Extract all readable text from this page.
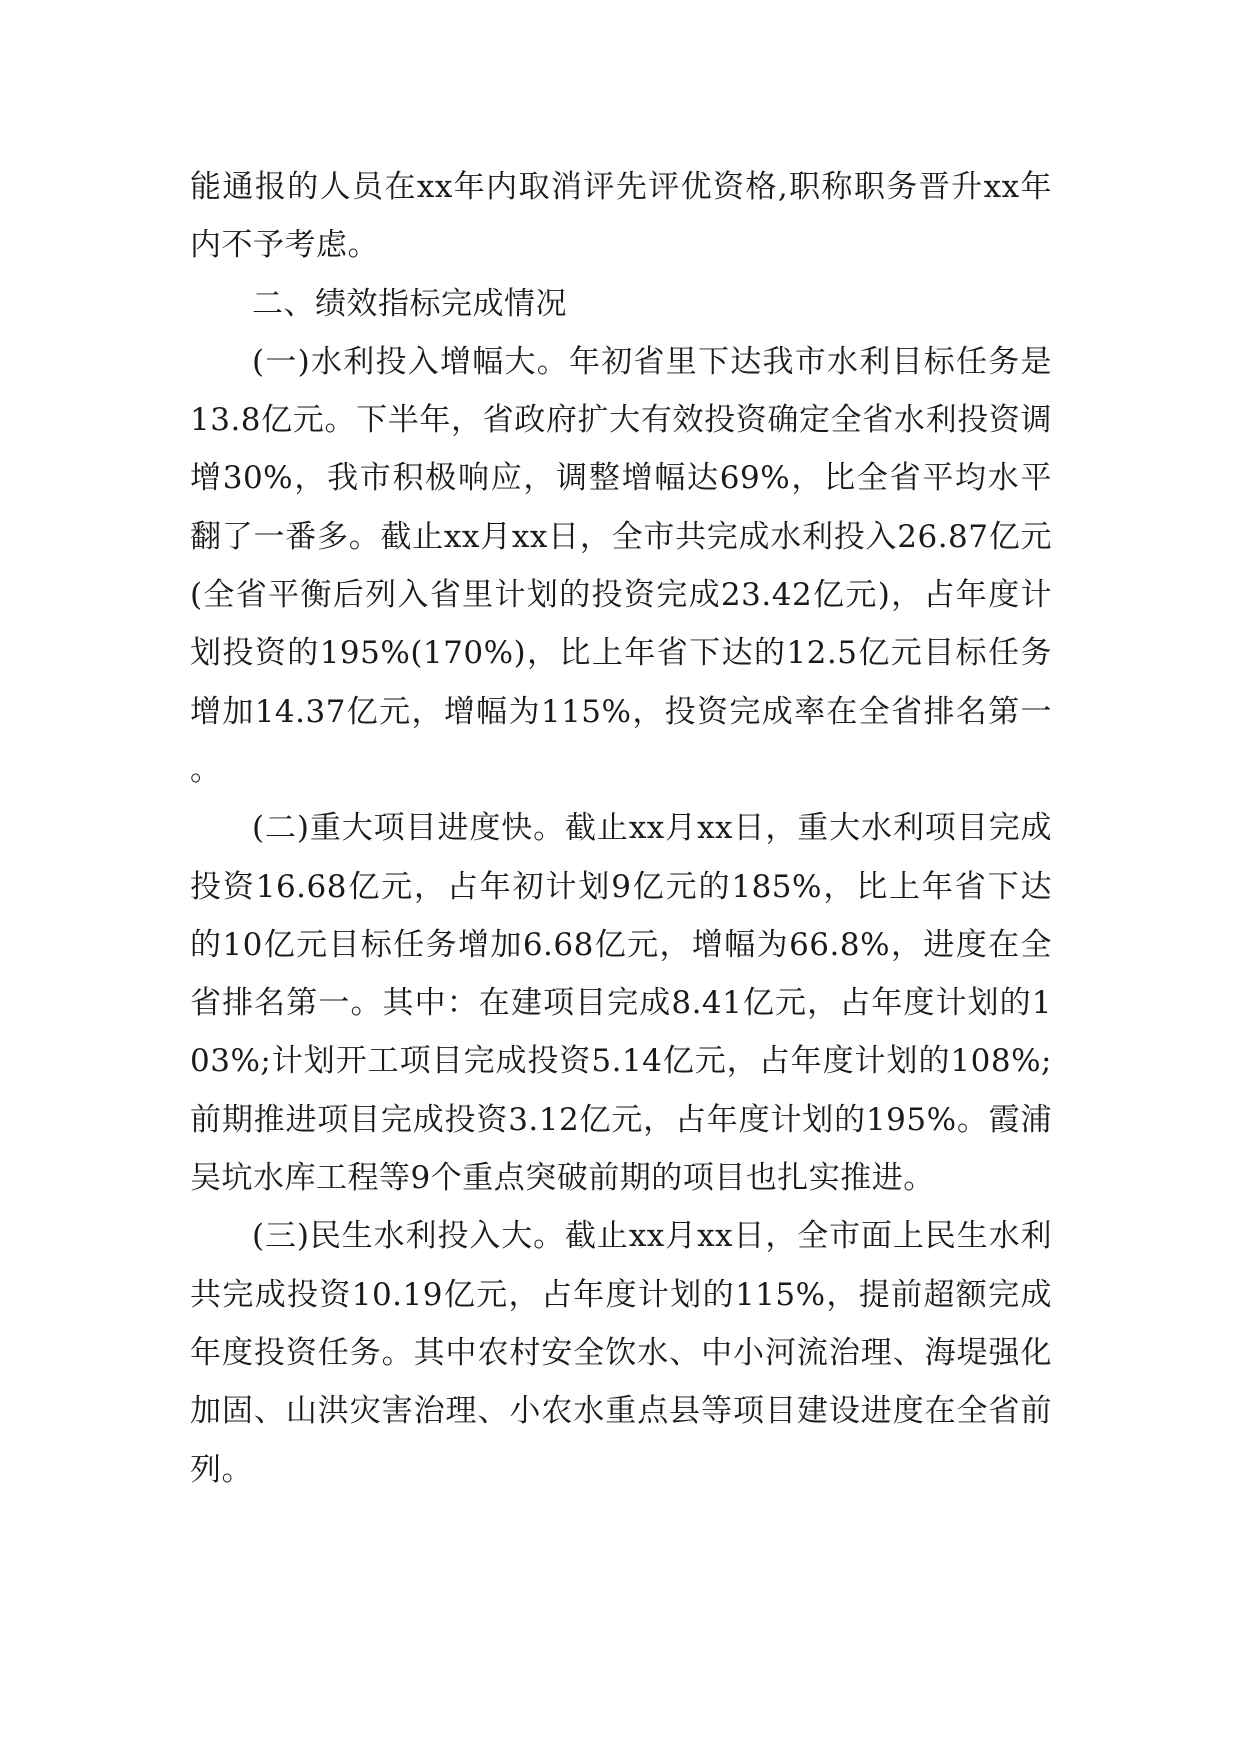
能通报的人员在xx年内取消评先评优资格,职称职务晋升xx年内不予考虑。

二、绩效指标完成情况

(一)水利投入增幅大。年初省里下达我市水利目标任务是13.8亿元。下半年，省政府扩大有效投资确定全省水利投资调增30%，我市积极响应，调整增幅达69%，比全省平均水平翻了一番多。截止xx月xx日，全市共完成水利投入26.87亿元(全省平衡后列入省里计划的投资完成23.42亿元)，占年度计划投资的195%(170%)，比上年省下达的12.5亿元目标任务增加14.37亿元，增幅为115%，投资完成率在全省排名第一。

(二)重大项目进度快。截止xx月xx日，重大水利项目完成投资16.68亿元，占年初计划9亿元的185%，比上年省下达的10亿元目标任务增加6.68亿元，增幅为66.8%，进度在全省排名第一。其中：在建项目完成8.41亿元，占年度计划的103%;计划开工项目完成投资5.14亿元，占年度计划的108%;前期推进项目完成投资3.12亿元，占年度计划的195%。霞浦吴坑水库工程等9个重点突破前期的项目也扎实推进。

(三)民生水利投入大。截止xx月xx日，全市面上民生水利共完成投资10.19亿元，占年度计划的115%，提前超额完成年度投资任务。其中农村安全饮水、中小河流治理、海堤强化加固、山洪灾害治理、小农水重点县等项目建设进度在全省前列。
